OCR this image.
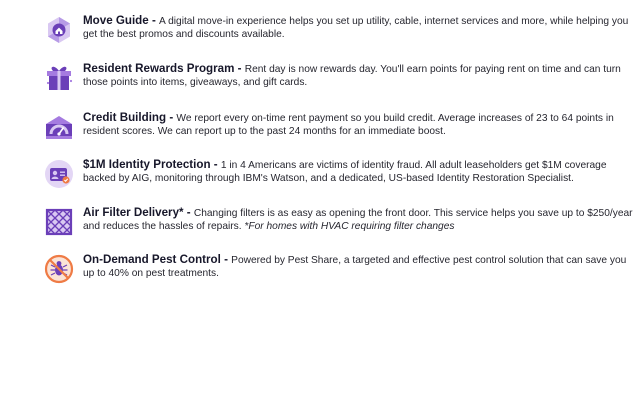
Move Guide - A digital move-in experience helps you set up utility, cable, internet services and more, while helping you get the best promos and discounts available.
Resident Rewards Program - Rent day is now rewards day. You'll earn points for paying rent on time and can turn those points into items, giveaways, and gift cards.
Credit Building - We report every on-time rent payment so you build credit. Average increases of 23 to 64 points in resident scores. We can report up to the past 24 months for an immediate boost.
$1M Identity Protection - 1 in 4 Americans are victims of identity fraud. All adult leaseholders get $1M coverage backed by AIG, monitoring through IBM's Watson, and a dedicated, US-based Identity Restoration Specialist.
Air Filter Delivery* - Changing filters is as easy as opening the front door. This service helps you save up to $250/year and reduces the hassles of repairs. *For homes with HVAC requiring filter changes
On-Demand Pest Control - Powered by Pest Share, a targeted and effective pest control solution that can save you up to 40% on pest treatments.
